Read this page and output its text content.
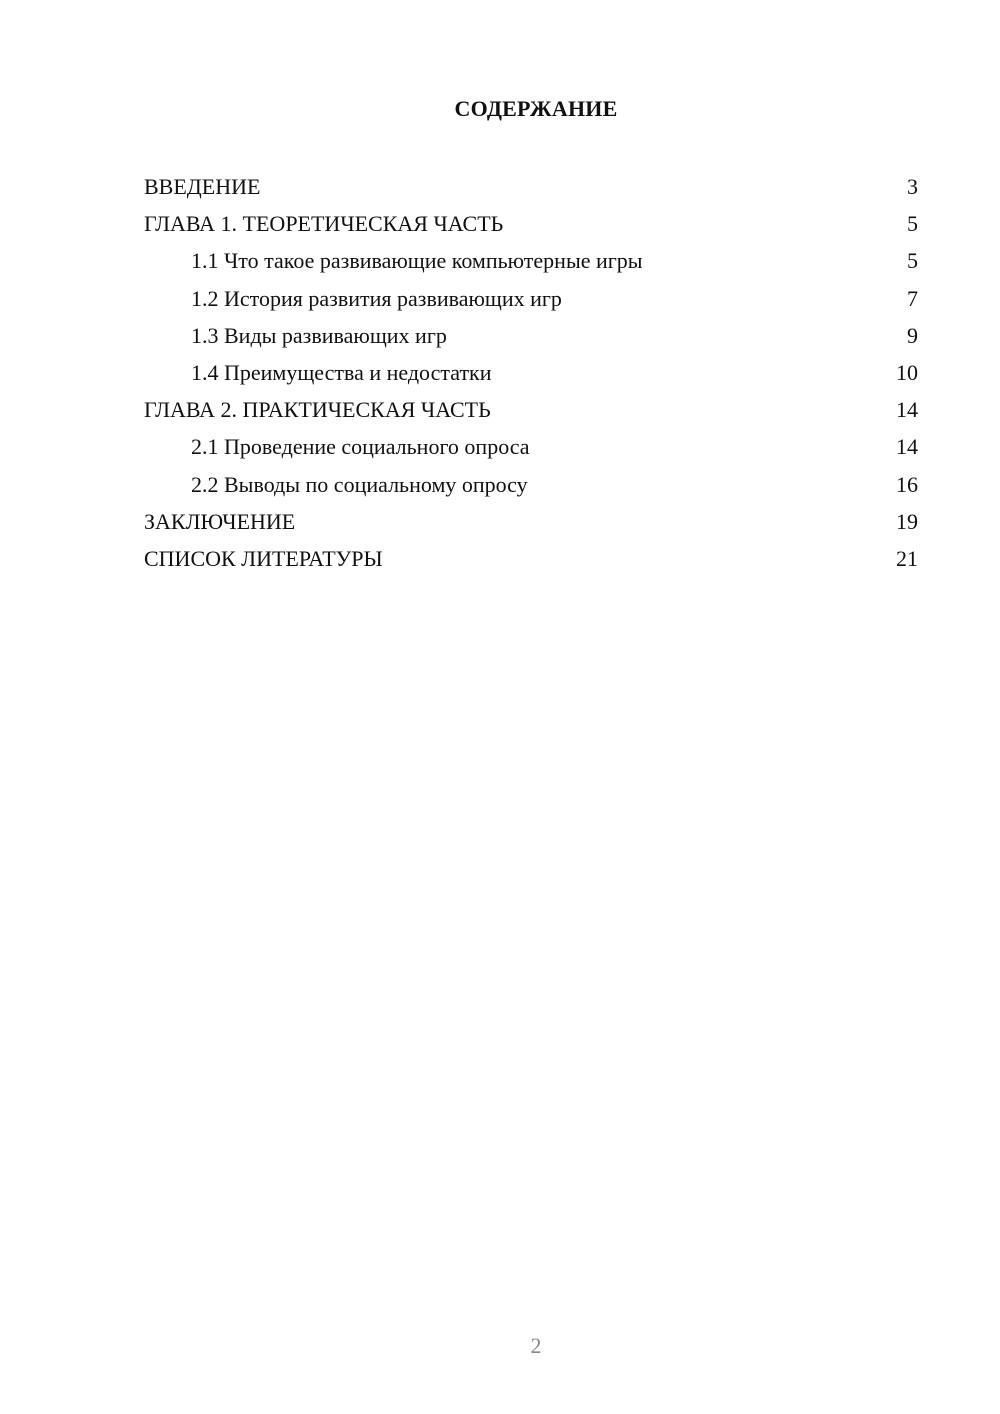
СОДЕРЖАНИЕ
ВВЕДЕНИЕ	3
ГЛАВА 1. ТЕОРЕТИЧЕСКАЯ ЧАСТЬ	5
1.1 Что такое развивающие компьютерные игры	5
1.2 История развития развивающих игр	7
1.3 Виды развивающих игр	9
1.4 Преимущества и недостатки	10
ГЛАВА 2. ПРАКТИЧЕСКАЯ ЧАСТЬ	14
2.1 Проведение социального опроса	14
2.2 Выводы по социальному опросу	16
ЗАКЛЮЧЕНИЕ	19
СПИСОК ЛИТЕРАТУРЫ	21
2
